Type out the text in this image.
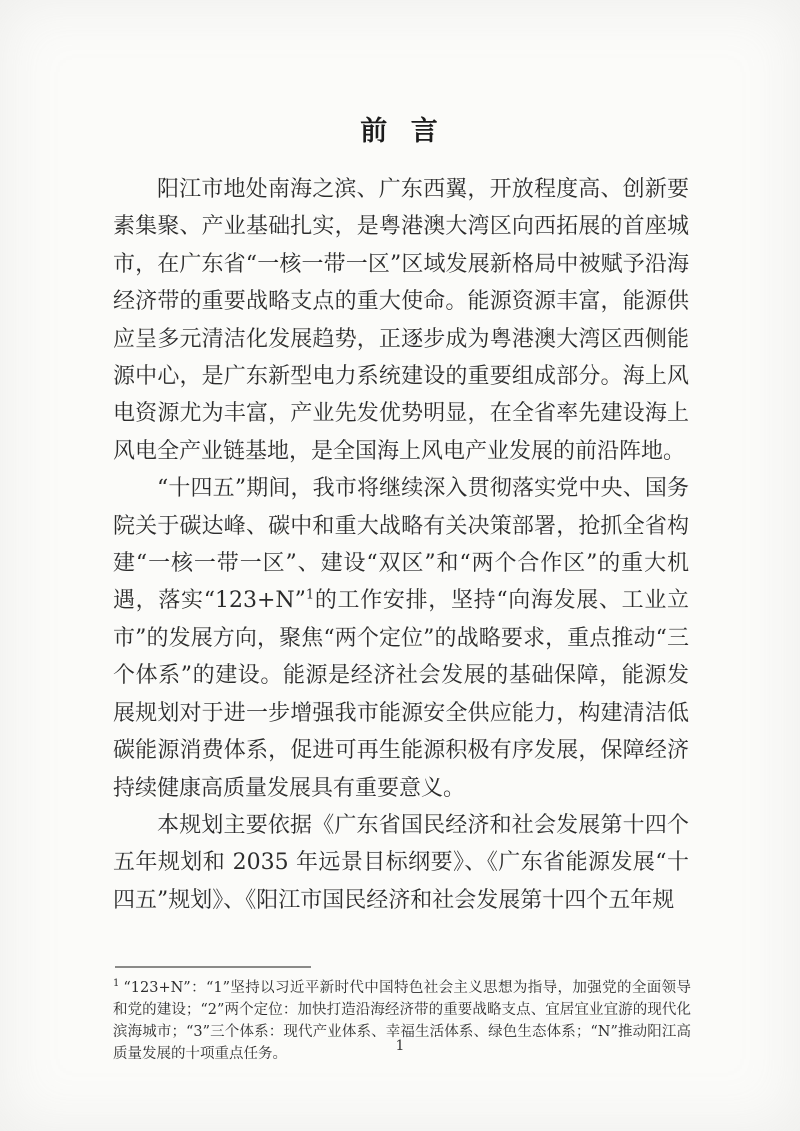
前 言

阳江市地处南海之滨、广东西翼，开放程度高、创新要素集聚、产业基础扎实，是粤港澳大湾区向西拓展的首座城市，在广东省“一核一带一区”区域发展新格局中被赋予沿海经济带的重要战略支点的重大使命。能源资源丰富，能源供应呈多元清洁化发展趋势，正逐步成为粤港澳大湾区西侧能源中心，是广东新型电力系统建设的重要组成部分。海上风电资源尤为丰富，产业先发优势明显，在全省率先建设海上风电全产业链基地，是全国海上风电产业发展的前沿阵地。

“十四五”期间，我市将继续深入贯彻落实党中央、国务院关于碳达峰、碳中和重大战略有关决策部署，抢抓全省构建“一核一带一区”、建设“双区”和“两个合作区”的重大机遇，落实“123+N”$^1$的工作安排，坚持“向海发展、工业立市”的发展方向，聚焦“两个定位”的战略要求，重点推动“三个体系”的建设。能源是经济社会发展的基础保障，能源发展规划对于进一步增强我市能源安全供应能力，构建清洁低碳能源消费体系，促进可再生能源积极有序发展，保障经济持续健康高质量发展具有重要意义。

本规划主要依据《广东省国民经济和社会发展第十四个五年规划和 2035 年远景目标纲要》、《广东省能源发展“十四五”规划》、《阳江市国民经济和社会发展第十四个五年规

$^1$ “123+N”：“1”坚持以习近平新时代中国特色社会主义思想为指导，加强党的全面领导和党的建设；“2”两个定位：加快打造沿海经济带的重要战略支点、宜居宜业宜游的现代化滨海城市；“3”三个体系：现代产业体系、幸福生活体系、绿色生态体系；“N”推动阳江高质量发展的十项重点任务。	1
